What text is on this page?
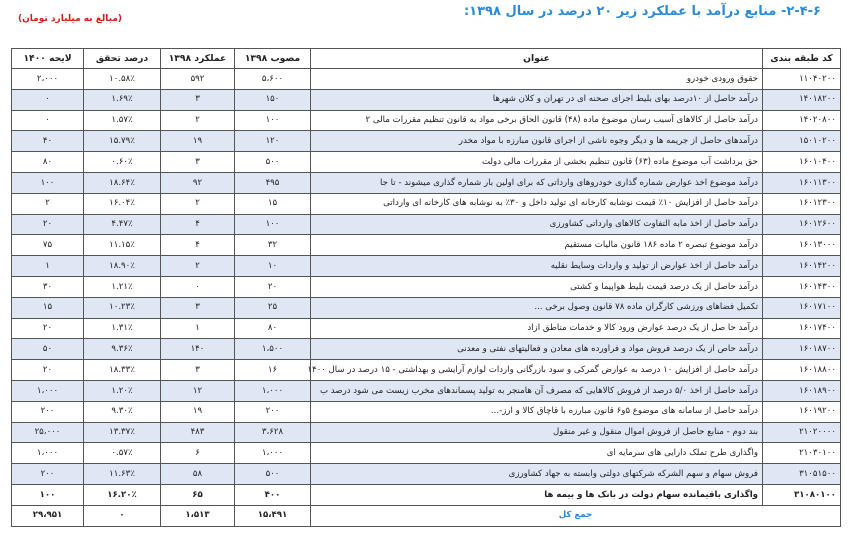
۲-۴-۶- منابع درآمد با عملکرد زیر ۲۰ درصد در سال ۱۳۹۸:
(مبالغ به میلیارد تومان)
کد طبقه بندی	عنوان	مصوب ۱۳۹۸	عملکرد ۱۳۹۸	درصد تحقق	لایحه ۱۴۰۰
۱۱۰۴۰۲۰۰	حقوق ورودی خودرو	۵،۶۰۰	۵۹۲	۱۰.۵۸٪	۲،۰۰۰
۱۴۰۱۸۲۰۰	درآمد حاصل از ۱۰درصد بهای بلیط اجرای صحنه ای در تهران و کلان شهرها	۱۵۰	۳	۱.۶۹٪	۰
۱۴۰۲۰۸۰۰	درآمد حاصل از کالاهای آسیب رسان موضوع ماده (۴۸) قانون الحاق برخی مواد به قانون تنظیم مقررات مالی ۲	۱۰۰	۲	۱.۵۷٪	۰
۱۵۰۱۰۲۰۰	درآمدهای حاصل از جریمه ها و دیگر وجوه ناشی از اجرای قانون مبارزه با مواد مخدر	۱۲۰	۱۹	۱۵.۷۹٪	۴۰
۱۶۰۱۰۴۰۰	حق برداشت آب موضوع ماده (۶۳) قانون تنظیم بخشی از مقررات مالی دولت	۵۰۰	۳	۰.۶۰٪	۸۰
۱۶۰۱۱۳۰۰	درآمد موضوع اخذ عوارض شماره گذاری خودروهای وارداتی که برای اولین بار شماره گذاری میشوند - تا جا	۴۹۵	۹۲	۱۸.۶۴٪	۱۰۰
۱۶۰۱۲۳۰۰	درآمد حاصل از افزایش ۱۰٪ قیمت نوشابه کارخانه ای تولید داخل و ۳۰٪ به نوشابه های کارخانه ای وارداتی	۱۵	۲	۱۶.۰۴٪	۲
۱۶۰۱۲۶۰۰	درآمد حاصل از اخذ مابه التفاوت کالاهای وارداتی کشاورزی	۱۰۰	۴	۴.۴۷٪	۲۰
۱۶۰۱۳۰۰۰	درآمد موضوع تبصره ۲ ماده ۱۸۶ قانون مالیات مستقیم	۳۲	۴	۱۱.۱۵٪	۷۵
۱۶۰۱۴۲۰۰	درآمد حاصل از اخذ عوارض از تولید و واردات وسایط نقلیه	۱۰	۲	۱۸.۹۰٪	۱
۱۶۰۱۴۳۰۰	درآمد حاصل از یک درصد قیمت بلیط هواپیما و کشتی	۲۰	۰	۱.۲۱٪	۳۰
۱۶۰۱۷۱۰۰	تکمیل فضاهای ورزشی کارگران ماده ۷۸ قانون وصول برخی ...	۲۵	۳	۱۰.۲۳٪	۱۵
۱۶۰۱۷۴۰۰	درآمد حا صل از یک درصد عوارض ورود کالا و خدمات مناطق ازاد	۸۰	۱	۱.۳۱٪	۲۰
۱۶۰۱۸۷۰۰	درآمد حاص از یک درصد فروش مواد و فراورده های معادن و فعالیتهای نفتی و معدنی	۱،۵۰۰	۱۴۰	۹.۳۶٪	۵۰
۱۶۰۱۸۸۰۰	درآمد حاصل از افزایش ۱۰ درصد به عوارض گمرکی و سود بازرگانی واردات لوازم آرایشی و بهداشتی - ۱۵ درصد در سال ۱۴۰۰	۱۶	۳	۱۸.۳۳٪	۲۰
۱۶۰۱۸۹۰۰	درآمد حاصل از اخذ ۵/۰ درصد از فروش کالاهایی که مصرف آن هامنجر به تولید پسماندهای مخرب زیست می شود درصد ب	۱،۰۰۰	۱۲	۱.۲۰٪	۱،۰۰۰
۱۶۰۱۹۲۰۰	درآمد حاصل از سامانه های موضوع ۵و۶ قانون مبارزه با قاچاق کالا و ارز-...	۲۰۰	۱۹	۹.۳۰٪	۲۰۰
۲۱۰۲۰۰۰۰	بند دوم - منابع حاصل از فروش اموال منقول و غیر منقول	۳،۶۲۸	۴۸۳	۱۳.۳۷٪	۲۵،۰۰۰
۲۱۰۳۰۱۰۰	واگذاری طرح تملک دارایی های سرمایه ای	۱،۰۰۰	۶	۰.۵۷٪	۱،۰۰۰
۳۱۰۵۱۵۰۰	فروش سهام و سهم الشرکه شرکتهای دولتی وابسته به جهاد کشاورزی	۵۰۰	۵۸	۱۱.۶۳٪	۲۰۰
۳۱۰۸۰۱۰۰	واگذاری باقیمانده سهام دولت در بانک ها و بیمه ها	۴۰۰	۶۵	۱۶.۲۰٪	۱۰۰
جمع کل		۱۵،۴۹۱	۱،۵۱۳	۰	۲۹،۹۵۱
